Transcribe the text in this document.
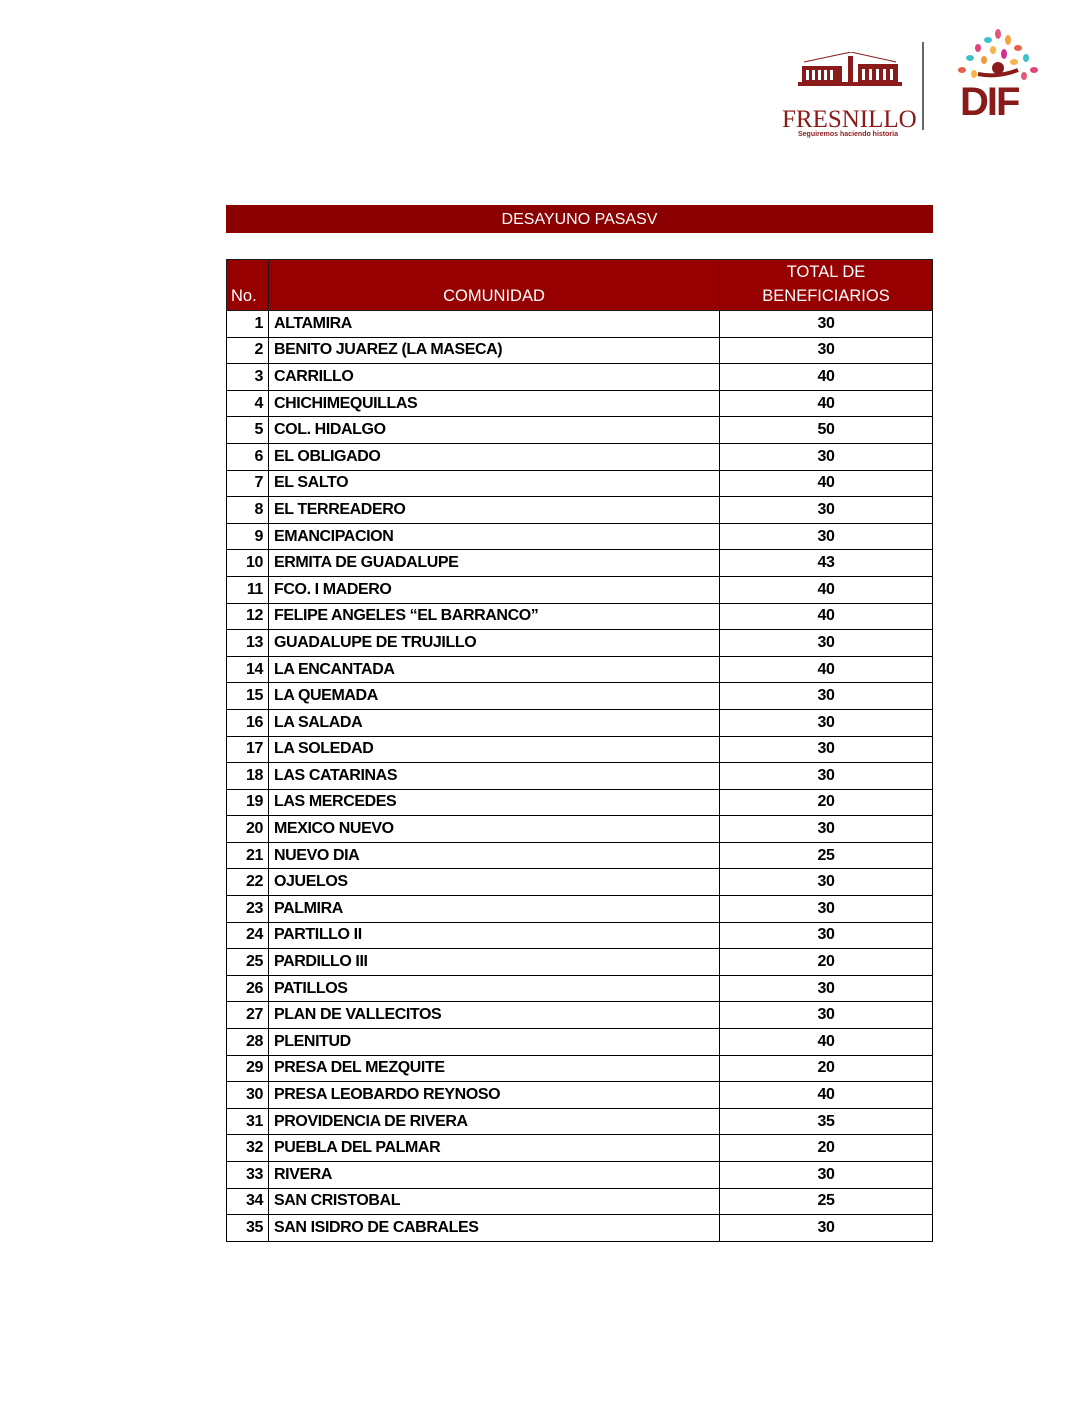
FRESNILLO
Seguiremos haciendo historia
DIF
DESAYUNO PASASV
No.	COMUNIDAD	TOTAL DE
BENEFICIARIOS

1	ALTAMIRA	30
2	BENITO JUAREZ (LA MASECA)	30
3	CARRILLO	40
4	CHICHIMEQUILLAS	40
5	COL. HIDALGO	50
6	EL OBLIGADO	30
7	EL SALTO	40
8	EL TERREADERO	30
9	EMANCIPACION	30
10	ERMITA DE GUADALUPE	43
11	FCO. I MADERO	40
12	FELIPE ANGELES “EL BARRANCO”	40
13	GUADALUPE DE TRUJILLO	30
14	LA ENCANTADA	40
15	LA QUEMADA	30
16	LA SALADA	30
17	LA SOLEDAD	30
18	LAS CATARINAS	30
19	LAS MERCEDES	20
20	MEXICO NUEVO	30
21	NUEVO DIA	25
22	OJUELOS	30
23	PALMIRA	30
24	PARTILLO II	30
25	PARDILLO III	20
26	PATILLOS	30
27	PLAN DE VALLECITOS	30
28	PLENITUD	40
29	PRESA DEL MEZQUITE	20
30	PRESA LEOBARDO REYNOSO	40
31	PROVIDENCIA DE RIVERA	35
32	PUEBLA DEL PALMAR	20
33	RIVERA	30
34	SAN CRISTOBAL	25
35	SAN ISIDRO DE CABRALES	30
